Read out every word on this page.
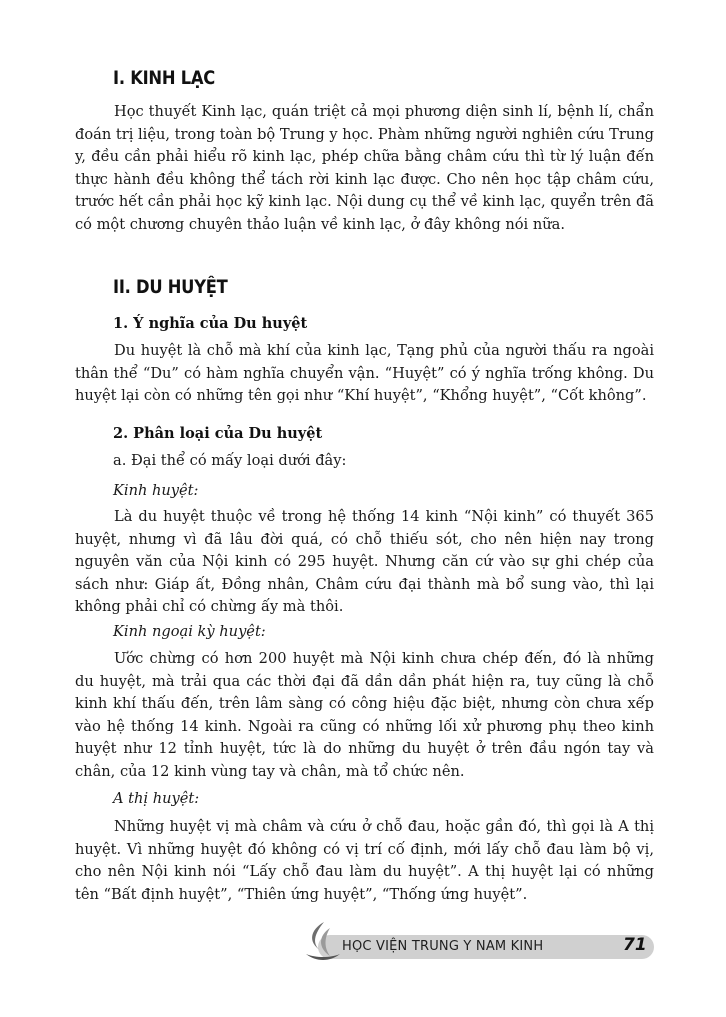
I. KINH LẠC

Học thuyết Kinh lạc, quán triệt cả mọi phương diện sinh lí, bệnh lí, chẩn đoán trị liệu, trong toàn bộ Trung y học. Phàm những người nghiên cứu Trung y, đều cần phải hiểu rõ kinh lạc, phép chữa bằng châm cứu thì từ lý luận đến thực hành đều không thể tách rời kinh lạc được. Cho nên học tập châm cứu, trước hết cần phải học kỹ kinh lạc. Nội dung cụ thể về kinh lạc, quyển trên đã có một chương chuyên thảo luận về kinh lạc, ở đây không nói nữa.

II. DU HUYỆT
1. Ý nghĩa của Du huyệt

Du huyệt là chỗ mà khí của kinh lạc, Tạng phủ của người thấu ra ngoài thân thể “Du” có hàm nghĩa chuyển vận. “Huyệt” có ý nghĩa trống không. Du huyệt lại còn có những tên gọi như “Khí huyệt”, “Khổng huyệt”, “Cốt không”.

2. Phân loại của Du huyệt
a. Đại thể có mấy loại dưới đây:
Kinh huyệt:

Là du huyệt thuộc về trong hệ thống 14 kinh “Nội kinh” có thuyết 365 huyệt, nhưng vì đã lâu đời quá, có chỗ thiếu sót, cho nên hiện nay trong nguyên văn của Nội kinh có 295 huyệt. Nhưng căn cứ vào sự ghi chép của sách như: Giáp ất, Đồng nhân, Châm cứu đại thành mà bổ sung vào, thì lại không phải chỉ có chừng ấy mà thôi.

Kinh ngoại kỳ huyệt:

Ước chừng có hơn 200 huyệt mà Nội kinh chưa chép đến, đó là những du huyệt, mà trải qua các thời đại đã dần dần phát hiện ra, tuy cũng là chỗ kinh khí thấu đến, trên lâm sàng có công hiệu đặc biệt, nhưng còn chưa xếp vào hệ thống 14 kinh. Ngoài ra cũng có những lối xử phương phụ theo kinh huyệt như 12 tỉnh huyệt, tức là do những du huyệt ở trên đầu ngón tay và chân, của 12 kinh vùng tay và chân, mà tổ chức nên.

A thị huyệt:

Những huyệt vị mà châm và cứu ở chỗ đau, hoặc gần đó, thì gọi là A thị huyệt. Vì những huyệt đó không có vị trí cố định, mới lấy chỗ đau làm bộ vị, cho nên Nội kinh nói “Lấy chỗ đau làm du huyệt”. A thị huyệt lại có những tên “Bất định huyệt”, “Thiên ứng huyệt”, “Thống ứng huyệt”.

HỌC VIỆN TRUNG Y NAM KINH	71
